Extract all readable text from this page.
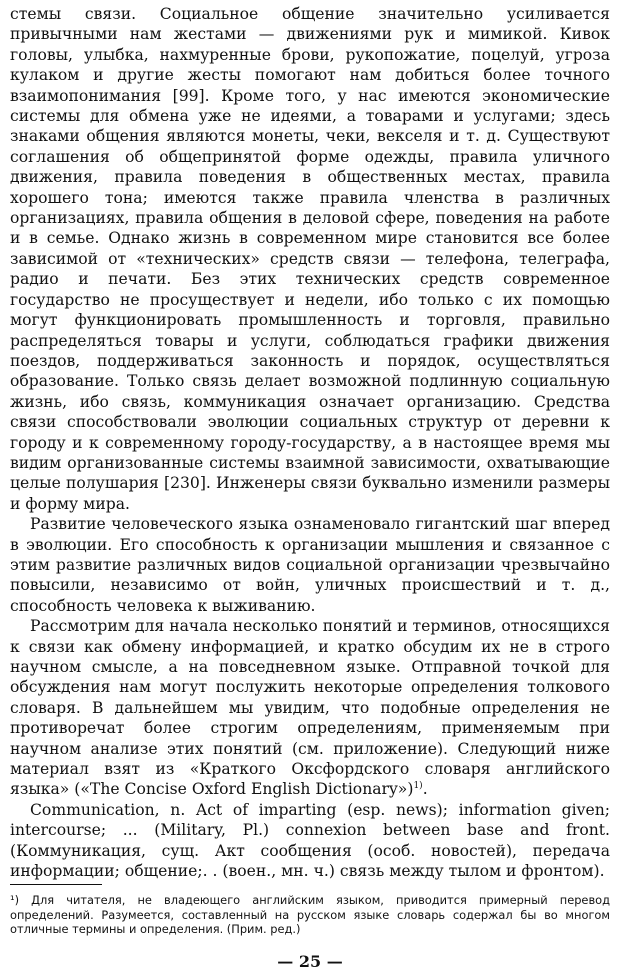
стемы связи. Социальное общение значительно усиливается привычными нам жестами — движениями рук и мимикой. Кивок головы, улыбка, нахмуренные брови, рукопожатие, поцелуй, угроза кулаком и другие жесты помогают нам добиться более точного взаимопонимания [99]. Кроме того, у нас имеются экономические системы для обмена уже не идеями, а товарами и услугами; здесь знаками общения являются монеты, чеки, векселя и т. д. Существуют соглашения об общепринятой форме одежды, правила уличного движения, правила поведения в общественных местах, правила хорошего тона; имеются также правила членства в различных организациях, правила общения в деловой сфере, поведения на работе и в семье. Однако жизнь в современном мире становится все более зависимой от «технических» средств связи — телефона, телеграфа, радио и печати. Без этих технических средств современное государство не просуществует и недели, ибо только с их помощью могут функционировать промышленность и торговля, правильно распределяться товары и услуги, соблюдаться графики движения поездов, поддерживаться законность и порядок, осуществляться образование. Только связь делает возможной подлинную социальную жизнь, ибо связь, коммуникация означает организацию. Средства связи способствовали эволюции социальных структур от деревни к городу и к современному городу-государству, а в настоящее время мы видим организованные системы взаимной зависимости, охватывающие целые полушария [230]. Инженеры связи буквально изменили размеры и форму мира.

Развитие человеческого языка ознаменовало гигантский шаг вперед в эволюции. Его способность к организации мышления и связанное с этим развитие различных видов социальной организации чрезвычайно повысили, независимо от войн, уличных происшествий и т. д., способность человека к выживанию.

Рассмотрим для начала несколько понятий и терминов, относящихся к связи как обмену информацией, и кратко обсудим их не в строго научном смысле, а на повседневном языке. Отправной точкой для обсуждения нам могут послужить некоторые определения толкового словаря. В дальнейшем мы увидим, что подобные определения не противоречат более строгим определениям, применяемым при научном анализе этих понятий (см. приложение). Следующий ниже материал взят из «Краткого Оксфордского словаря английского языка» («The Concise Oxford English Dictionary»)$^{1)}$.

Communication, n. Act of imparting (esp. news); information given; intercourse; ... (Military, Pl.) connexion between base and front. (Коммуникация, сущ. Акт сообщения (особ. новостей), передача информации; общение;. . (воен., мн. ч.) связь между тылом и фронтом).

¹) Для читателя, не владеющего английским языком, приводится примерный перевод определений. Разумеется, составленный на русском языке словарь содержал бы во многом отличные термины и определения. (Прим. ред.)

— 25 —
